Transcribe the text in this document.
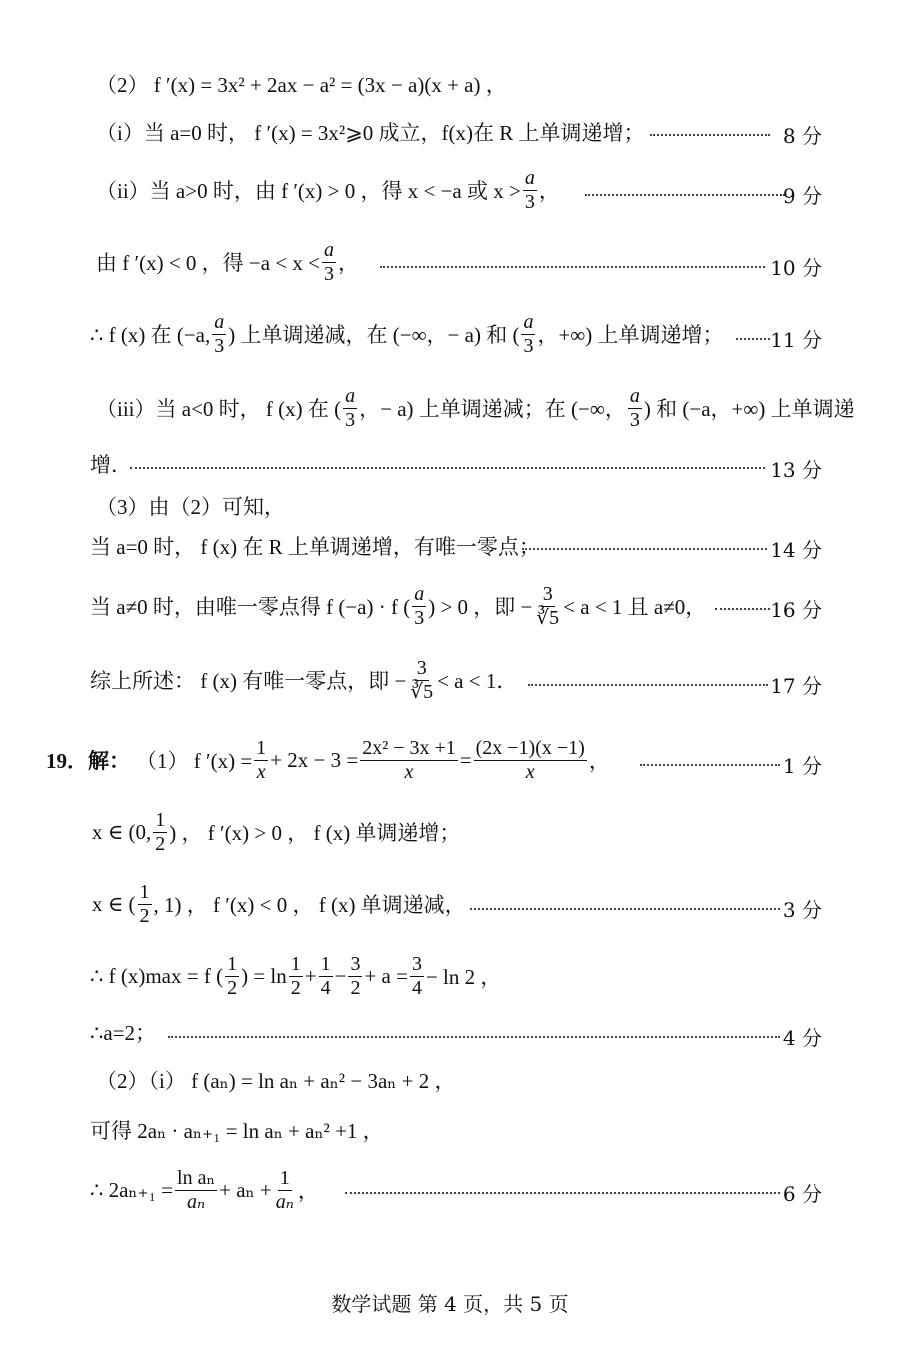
（2） f ′(x) = 3x² + 2ax − a² = (3x − a)(x + a) ，
（i）当 a=0 时， f ′(x) = 3x²⩾0 成立，f(x)在 R 上单调递增；	8 分
（ii）当 a>0 时，由 f ′(x) > 0 ，得 x < −a 或 $x > \frac{a}{3}$ ，	9 分
由 f ′(x) < 0 ，得 $-a < x < \frac{a}{3}$ ，	10 分
∴ f (x) 在 (−a, $\frac{a}{3}$ ) 上单调递减，在 (−∞，− a) 和 ( $\frac{a}{3}$ ，+∞) 上单调递增； 11 分
（iii）当 a<0 时， f (x) 在 ( $\frac{a}{3}$ ，− a) 上单调递减；在 (−∞， $\frac{a}{3}$ ) 和 (−a，+∞) 上单调递
增．	13 分
（3）由（2）可知，
当 a=0 时， f (x) 在 R 上单调递增，有唯一零点；	14 分
当 a≠0 时，由唯一零点得 f (−a) · f ( $\frac{a}{3}$ ) > 0 ，即 − $\frac{3}{∛5} < a < 1$ 且 a≠0，	16 分
综上所述： f (x) 有唯一零点，即 − $\frac{3}{∛5} < a < 1$．	17 分
19．解： （1） f $'(x) = \frac{1}{x} + 2x - 3 = \frac{\text{2x² − 3x +1}}{x} = \frac{(2x -1)(x -1)}{x}$ ，	1 分
x ∈ (0, $\frac{1}{2}$ ) ， f ′(x) > 0 ， f (x) 单调递增；
x ∈ ( $\frac{1}{2}$ , 1) ， f ′(x) < 0 ， f (x) 单调递减，	3 分
∴ f (x)max = f ( $\frac{1}{2}$ ) = $\ln \frac{1}{2} + \frac{1}{4} - \frac{3}{2} + a = \frac{3}{4} - \ln 2$ ，
∴a=2；	4 分
（2）（i） f (aₙ) = ln aₙ + aₙ² − 3aₙ + 2 ，
可得 2aₙ · aₙ₊₁ = ln aₙ + aₙ² +1 ，
∴ $2a_{n+1} = \frac{\text{ln aₙ}}{\text{aₙ}} + a_n + \frac{1}{\text{aₙ}}$ ，	6 分
数学试题 第 4 页，共 5 页
